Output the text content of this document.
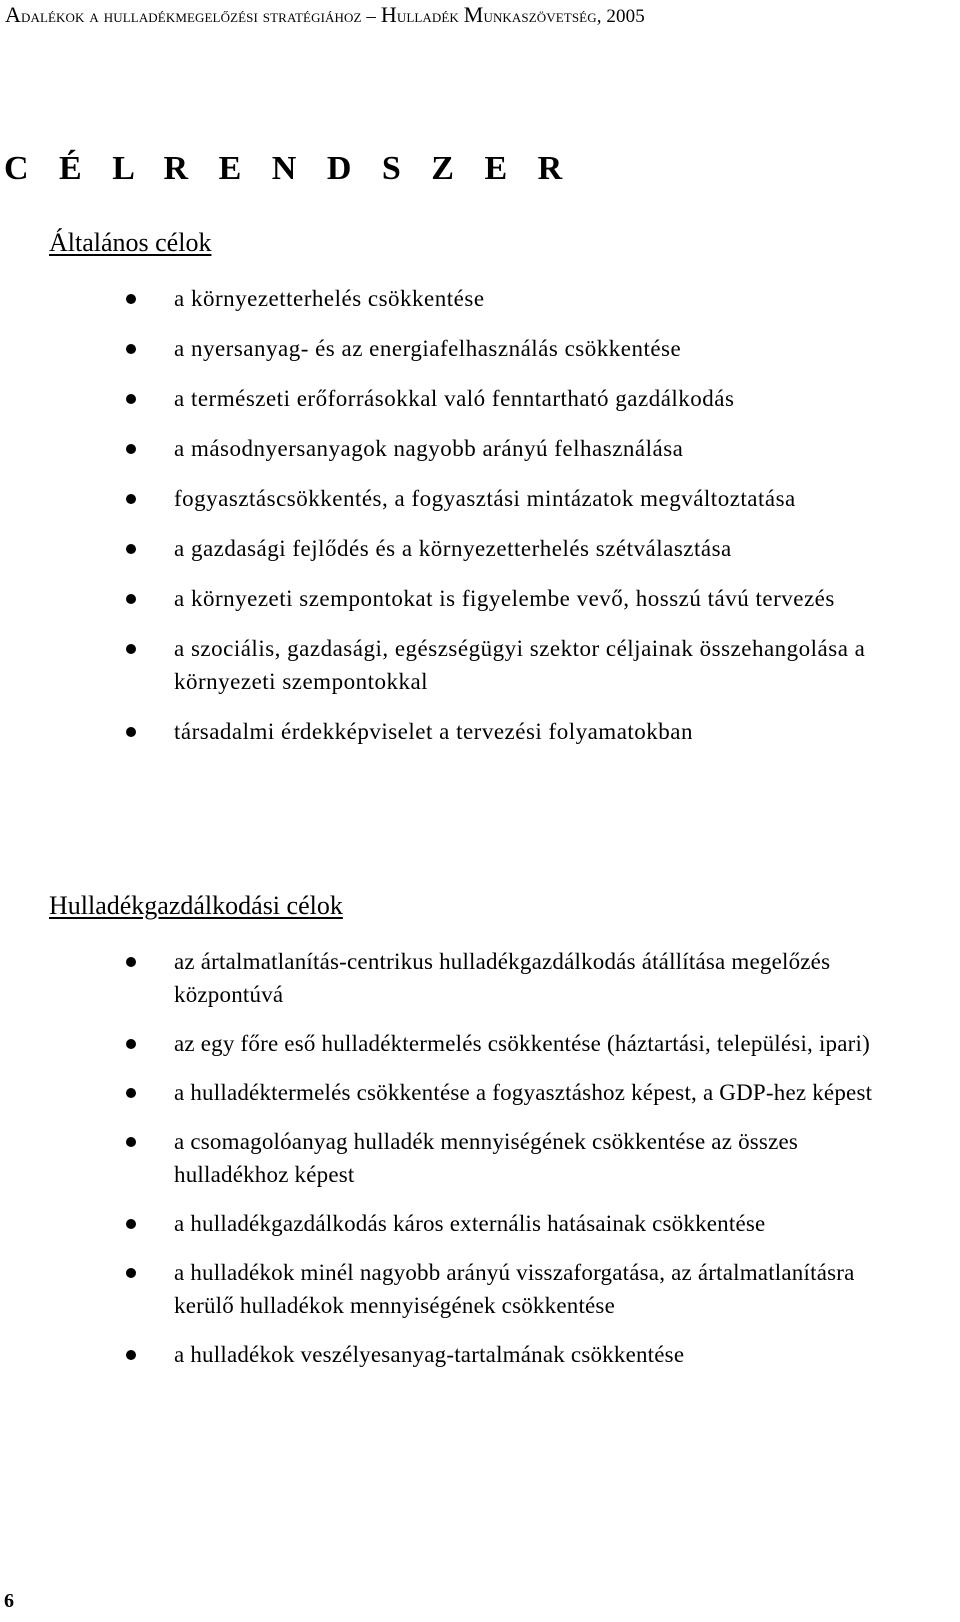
Adalékok a hulladékmegelőzési stratégiához – Hulladék Munkaszövetség, 2005
C É L R E N D S Z E R
Általános célok
a környezetterhelés csökkentése
a nyersanyag- és az energiafelhasználás csökkentése
a természeti erőforrásokkal való fenntartható gazdálkodás
a másodnyersanyagok nagyobb arányú felhasználása
fogyasztáscsökkentés, a fogyasztási mintázatok megváltoztatása
a gazdasági fejlődés és a környezetterhelés szétválasztása
a környezeti szempontokat is figyelembe vevő, hosszú távú tervezés
a szociális, gazdasági, egészségügyi szektor céljainak összehangolása a környezeti szempontokkal
társadalmi érdekképviselet a tervezési folyamatokban
Hulladékgazdálkodási célok
az ártalmatlanítás-centrikus hulladékgazdálkodás átállítása megelőzés központúvá
az egy főre eső hulladéktermelés csökkentése (háztartási, települési, ipari)
a hulladéktermelés csökkentése a fogyasztáshoz képest, a GDP-hez képest
a csomagolóanyag hulladék mennyiségének csökkentése az összes hulladékhoz képest
a hulladékgazdálkodás káros externális hatásainak csökkentése
a hulladékok minél nagyobb arányú visszaforgatása, az ártalmatlanításra kerülő hulladékok mennyiségének csökkentése
a hulladékok veszélyesanyag-tartalmának csökkentése
6
